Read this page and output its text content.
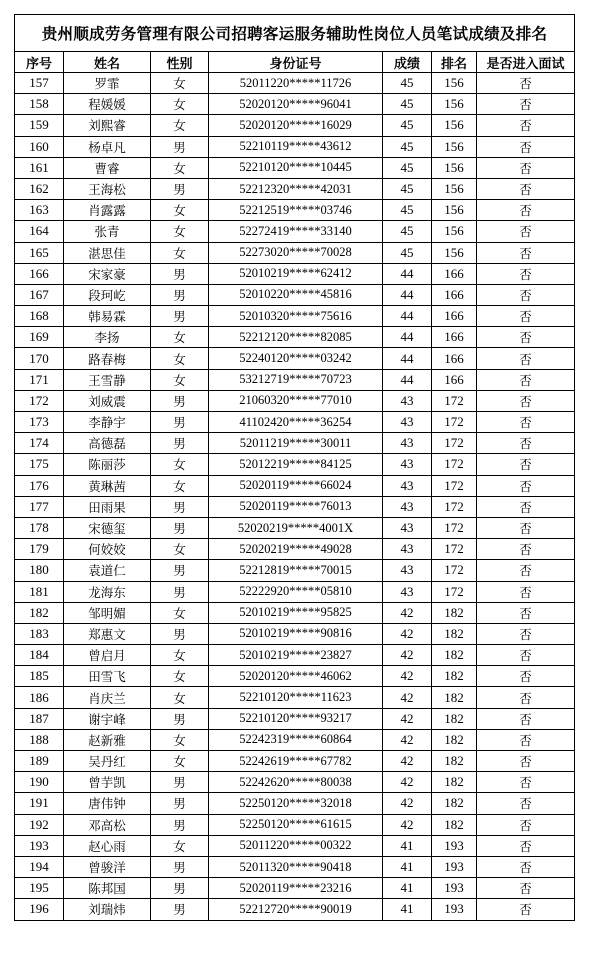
贵州顺成劳务管理有限公司招聘客运服务辅助性岗位人员笔试成绩及排名						
序号	姓名	性别	身份证号	成绩	排名	是否进入面试
157	罗霏	女	52011220*****11726	45	156	否
158	程媛媛	女	52020120*****96041	45	156	否
159	刘熙睿	女	52020120*****16029	45	156	否
160	杨卓凡	男	52210119*****43612	45	156	否
161	曹睿	女	52210120*****10445	45	156	否
162	王海松	男	52212320*****42031	45	156	否
163	肖露露	女	52212519*****03746	45	156	否
164	张青	女	52272419*****33140	45	156	否
165	湛思佳	女	52273020*****70028	45	156	否
166	宋家豪	男	52010219*****62412	44	166	否
167	段珂屹	男	52010220*****45816	44	166	否
168	韩易霖	男	52010320*****75616	44	166	否
169	李扬	女	52212120*****82085	44	166	否
170	路春梅	女	52240120*****03242	44	166	否
171	王雪静	女	53212719*****70723	44	166	否
172	刘威震	男	21060320*****77010	43	172	否
173	李静宇	男	41102420*****36254	43	172	否
174	高德磊	男	52011219*****30011	43	172	否
175	陈丽莎	女	52012219*****84125	43	172	否
176	黄琳茜	女	52020119*****66024	43	172	否
177	田雨果	男	52020119*****76013	43	172	否
178	宋德玺	男	52020219*****4001X	43	172	否
179	何姣姣	女	52020219*****49028	43	172	否
180	袁道仁	男	52212819*****70015	43	172	否
181	龙海东	男	52222920*****05810	43	172	否
182	邹明媚	女	52010219*****95825	42	182	否
183	郑惠文	男	52010219*****90816	42	182	否
184	曾启月	女	52010219*****23827	42	182	否
185	田雪飞	女	52020120*****46062	42	182	否
186	肖庆兰	女	52210120*****11623	42	182	否
187	谢宇峰	男	52210120*****93217	42	182	否
188	赵新雅	女	52242319*****60864	42	182	否
189	吴丹红	女	52242619*****67782	42	182	否
190	曾芋凯	男	52242620*****80038	42	182	否
191	唐伟钟	男	52250120*****32018	42	182	否
192	邓高松	男	52250120*****61615	42	182	否
193	赵心雨	女	52011220*****00322	41	193	否
194	曾骏洋	男	52011320*****90418	41	193	否
195	陈邦国	男	52020119*****23216	41	193	否
196	刘瑞炜	男	52212720*****90019	41	193	否
